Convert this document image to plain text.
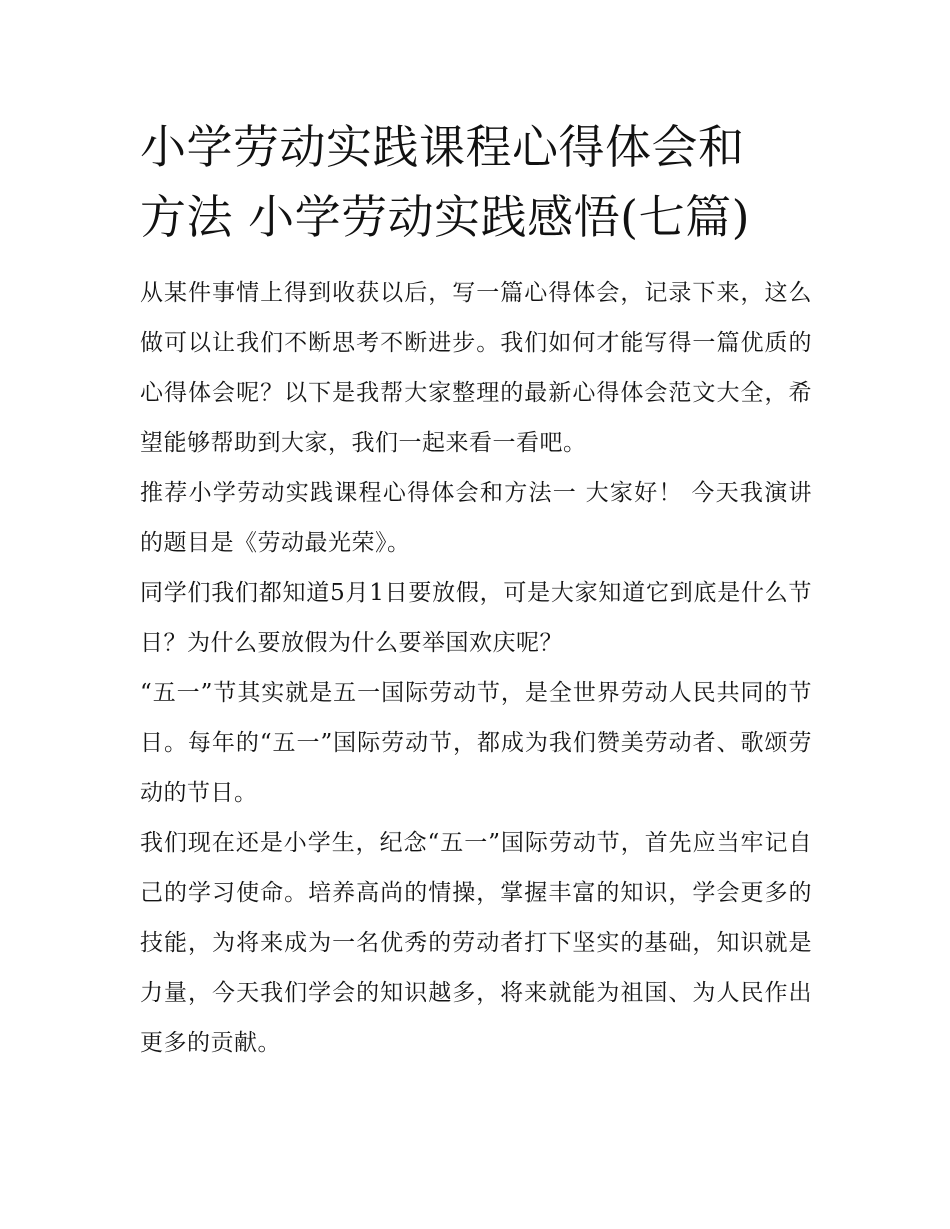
小学劳动实践课程心得体会和
方法 小学劳动实践感悟(七篇)

从某件事情上得到收获以后，写一篇心得体会，记录下来，这么做可以让我们不断思考不断进步。我们如何才能写得一篇优质的心得体会呢？以下是我帮大家整理的最新心得体会范文大全，希望能够帮助到大家，我们一起来看一看吧。

推荐小学劳动实践课程心得体会和方法一 大家好！ 今天我演讲的题目是《劳动最光荣》。

同学们我们都知道5月1日要放假，可是大家知道它到底是什么节日？为什么要放假为什么要举国欢庆呢？

“五一”节其实就是五一国际劳动节，是全世界劳动人民共同的节日。每年的“五一”国际劳动节，都成为我们赞美劳动者、歌颂劳动的节日。

我们现在还是小学生，纪念“五一”国际劳动节，首先应当牢记自己的学习使命。培养高尚的情操，掌握丰富的知识，学会更多的技能，为将来成为一名优秀的劳动者打下坚实的基础，知识就是力量，今天我们学会的知识越多，将来就能为祖国、为人民作出更多的贡献。
